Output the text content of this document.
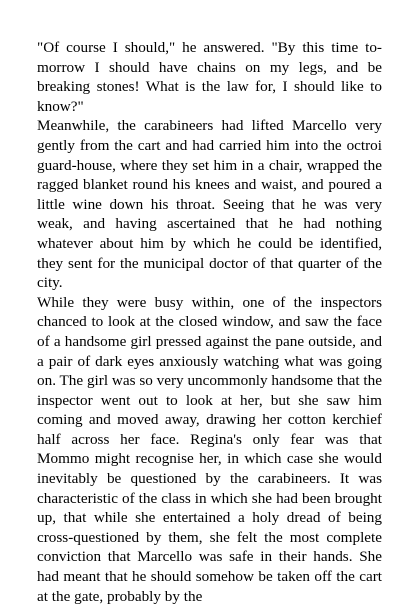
"Of course I should," he answered. "By this time to-morrow I should have chains on my legs, and be breaking stones! What is the law for, I should like to know?"

Meanwhile, the carabineers had lifted Marcello very gently from the cart and had carried him into the octroi guard-house, where they set him in a chair, wrapped the ragged blanket round his knees and waist, and poured a little wine down his throat. Seeing that he was very weak, and having ascertained that he had nothing whatever about him by which he could be identified, they sent for the municipal doctor of that quarter of the city.

While they were busy within, one of the inspectors chanced to look at the closed window, and saw the face of a handsome girl pressed against the pane outside, and a pair of dark eyes anxiously watching what was going on. The girl was so very uncommonly handsome that the inspector went out to look at her, but she saw him coming and moved away, drawing her cotton kerchief half across her face. Regina's only fear was that Mommo might recognise her, in which case she would inevitably be questioned by the carabineers. It was characteristic of the class in which she had been brought up, that while she entertained a holy dread of being cross-questioned by them, she felt the most complete conviction that Marcello was safe in their hands. She had meant that he should somehow be taken off the cart at the gate, probably by the
